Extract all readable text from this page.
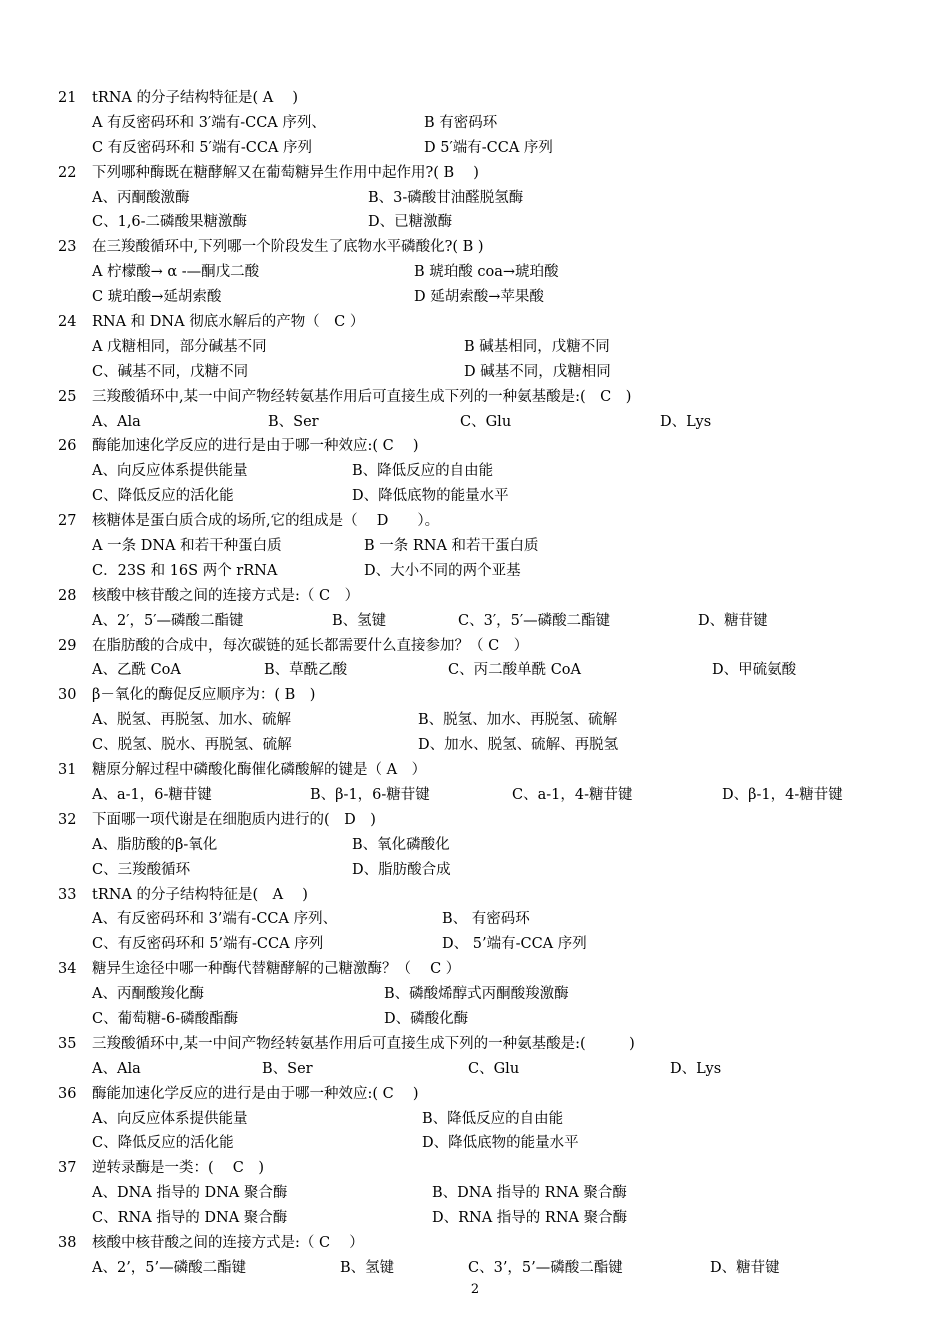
21	tRNA 的分子结构特征是( A　 )
A 有反密码环和 3′端有-CCA 序列、	B 有密码环
C 有反密码环和 5′端有-CCA 序列	D 5′端有-CCA 序列
22	下列哪种酶既在糖酵解又在葡萄糖异生作用中起作用?( B　 )
A、丙酮酸激酶	B、3-磷酸甘油醛脱氢酶
C、1,6-二磷酸果糖激酶	D、已糖激酶
23	在三羧酸循环中,下列哪一个阶段发生了底物水平磷酸化?( B )
A 柠檬酸→ α -—酮戊二酸	B 琥珀酸 coa→琥珀酸
C 琥珀酸→延胡索酸	D 延胡索酸→苹果酸
24	RNA 和 DNA 彻底水解后的产物（　C ）
A 戊糖相同，部分碱基不同	B 碱基相同，戊糖不同
C、碱基不同，戊糖不同	D 碱基不同，戊糖相同
25	三羧酸循环中,某一中间产物经转氨基作用后可直接生成下列的一种氨基酸是:(　C　)
A、Ala	B、Ser	C、Glu	D、Lys
26	酶能加速化学反应的进行是由于哪一种效应:( C　 )
A、向反应体系提供能量	B、降低反应的自由能
C、降低反应的活化能	D、降低底物的能量水平
27	核糖体是蛋白质合成的场所,它的组成是（　 D　　）。
A 一条 DNA 和若干种蛋白质	B 一条 RNA 和若干蛋白质
C．23S 和 16S 两个 rRNA	D、大小不同的两个亚基
28	核酸中核苷酸之间的连接方式是:（ C　）
A、2′，5′—磷酸二酯键	B、氢键	C、3′，5′—磷酸二酯键	D、糖苷键
29	在脂肪酸的合成中，每次碳链的延长都需要什么直接参加？（ C　）
A、乙酰 CoA	B、草酰乙酸	C、丙二酸单酰 CoA	D、甲硫氨酸
30	β－氧化的酶促反应顺序为：( B　)
A、脱氢、再脱氢、加水、硫解	B、脱氢、加水、再脱氢、硫解
C、脱氢、脱水、再脱氢、硫解	D、加水、脱氢、硫解、再脱氢
31	糖原分解过程中磷酸化酶催化磷酸解的键是（ A　）
A、a-1，6-糖苷键	B、β-1，6-糖苷键	C、a-1，4-糖苷键	D、β-1，4-糖苷键
32	下面哪一项代谢是在细胞质内进行的(　D　)
A、脂肪酸的β-氧化	B、氧化磷酸化
C、三羧酸循环	D、脂肪酸合成
33	tRNA 的分子结构特征是(　A　 )
A、有反密码环和 3’端有-CCA 序列、	B、 有密码环
C、有反密码环和 5’端有-CCA 序列	D、 5’端有-CCA 序列
34	糖异生途径中哪一种酶代替糖酵解的己糖激酶？（　 C ）
A、丙酮酸羧化酶	B、磷酸烯醇式丙酮酸羧激酶
C、葡萄糖-6-磷酸酯酶	D、磷酸化酶
35	三羧酸循环中,某一中间产物经转氨基作用后可直接生成下列的一种氨基酸是:(　　　)
A、Ala	B、Ser	C、Glu	D、Lys
36	酶能加速化学反应的进行是由于哪一种效应:( C　 )
A、向反应体系提供能量	B、降低反应的自由能
C、降低反应的活化能	D、降低底物的能量水平
37	逆转录酶是一类：(　 C　)
A、DNA 指导的 DNA 聚合酶	B、DNA 指导的 RNA 聚合酶
C、RNA 指导的 DNA 聚合酶	D、RNA 指导的 RNA 聚合酶
38	核酸中核苷酸之间的连接方式是:（ C　 ）
A、2’，5’—磷酸二酯键	B、氢键	C、3’，5’—磷酸二酯键	D、糖苷键
2
